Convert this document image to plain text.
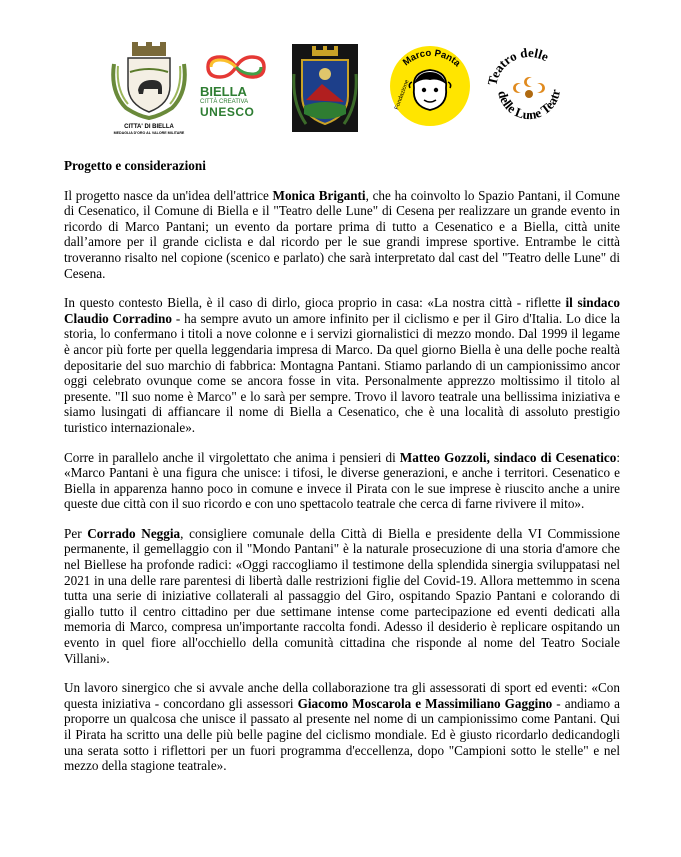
CITTA' DI BIELLA
MEDAGLIA D'ORO AL VALORE MILITARE
BIELLA
CITTÀ CREATIVA
UNESCO
Marco Panta
Fondazione	Teatro delle
delle Lune Teatr
Progetto e considerazioni

Il progetto nasce da un'idea dell'attrice Monica Briganti, che ha coinvolto lo Spazio Pantani, il Comune di Cesenatico, il Comune di Biella e il "Teatro delle Lune" di Cesena per realizzare un grande evento in ricordo di Marco Pantani; un evento da portare prima di tutto a Cesenatico e a Biella, città unite dall’amore per il grande ciclista e dal ricordo per le sue grandi imprese sportive. Entrambe le città troveranno risalto nel copione (scenico e parlato) che sarà interpretato dal cast del "Teatro delle Lune" di Cesena.

In questo contesto Biella, è il caso di dirlo, gioca proprio in casa: «La nostra città - riflette il sindaco Claudio Corradino - ha sempre avuto un amore infinito per il ciclismo e per il Giro d'Italia. Lo dice la storia, lo confermano i titoli a nove colonne e i servizi giornalistici di mezzo mondo. Dal 1999 il legame è ancor più forte per quella leggendaria impresa di Marco. Da quel giorno Biella è una delle poche realtà depositarie del suo marchio di fabbrica: Montagna Pantani. Stiamo parlando di un campionissimo ancor oggi celebrato ovunque come se ancora fosse in vita. Personalmente apprezzo moltissimo il titolo al presente. "Il suo nome è Marco" e lo sarà per sempre. Trovo il lavoro teatrale una bellissima iniziativa e siamo lusingati di affiancare il nome di Biella a Cesenatico, che è una località di assoluto prestigio turistico internazionale».

Corre in parallelo anche il virgolettato che anima i pensieri di Matteo Gozzoli, sindaco di Cesenatico: «Marco Pantani è una figura che unisce: i tifosi, le diverse generazioni, e anche i territori. Cesenatico e Biella in apparenza hanno poco in comune e invece il Pirata con le sue imprese è riuscito anche a unire queste due città con il suo ricordo e con uno spettacolo teatrale che cerca di farne rivivere il mito».

Per Corrado Neggia, consigliere comunale della Città di Biella e presidente della VI Commissione permanente, il gemellaggio con il "Mondo Pantani" è la naturale prosecuzione di una storia d'amore che nel Biellese ha profonde radici: «Oggi raccogliamo il testimone della splendida sinergia sviluppatasi nel 2021 in una delle rare parentesi di libertà dalle restrizioni figlie del Covid-19. Allora mettemmo in scena tutta una serie di iniziative collaterali al passaggio del Giro, ospitando Spazio Pantani e colorando di giallo tutto il centro cittadino per due settimane intense come partecipazione ed eventi dedicati alla memoria di Marco, compresa un'importante raccolta fondi. Adesso il desiderio è replicare ospitando un evento in quel fiore all'occhiello della comunità cittadina che risponde al nome del Teatro Sociale Villani».

Un lavoro sinergico che si avvale anche della collaborazione tra gli assessorati di sport ed eventi: «Con questa iniziativa - concordano gli assessori Giacomo Moscarola e Massimiliano Gaggino - andiamo a proporre un qualcosa che unisce il passato al presente nel nome di un campionissimo come Pantani. Qui il Pirata ha scritto una delle più belle pagine del ciclismo mondiale. Ed è giusto ricordarlo dedicandogli una serata sotto i riflettori per un fuori programma d'eccellenza, dopo "Campioni sotto le stelle" e nel mezzo della stagione teatrale».
